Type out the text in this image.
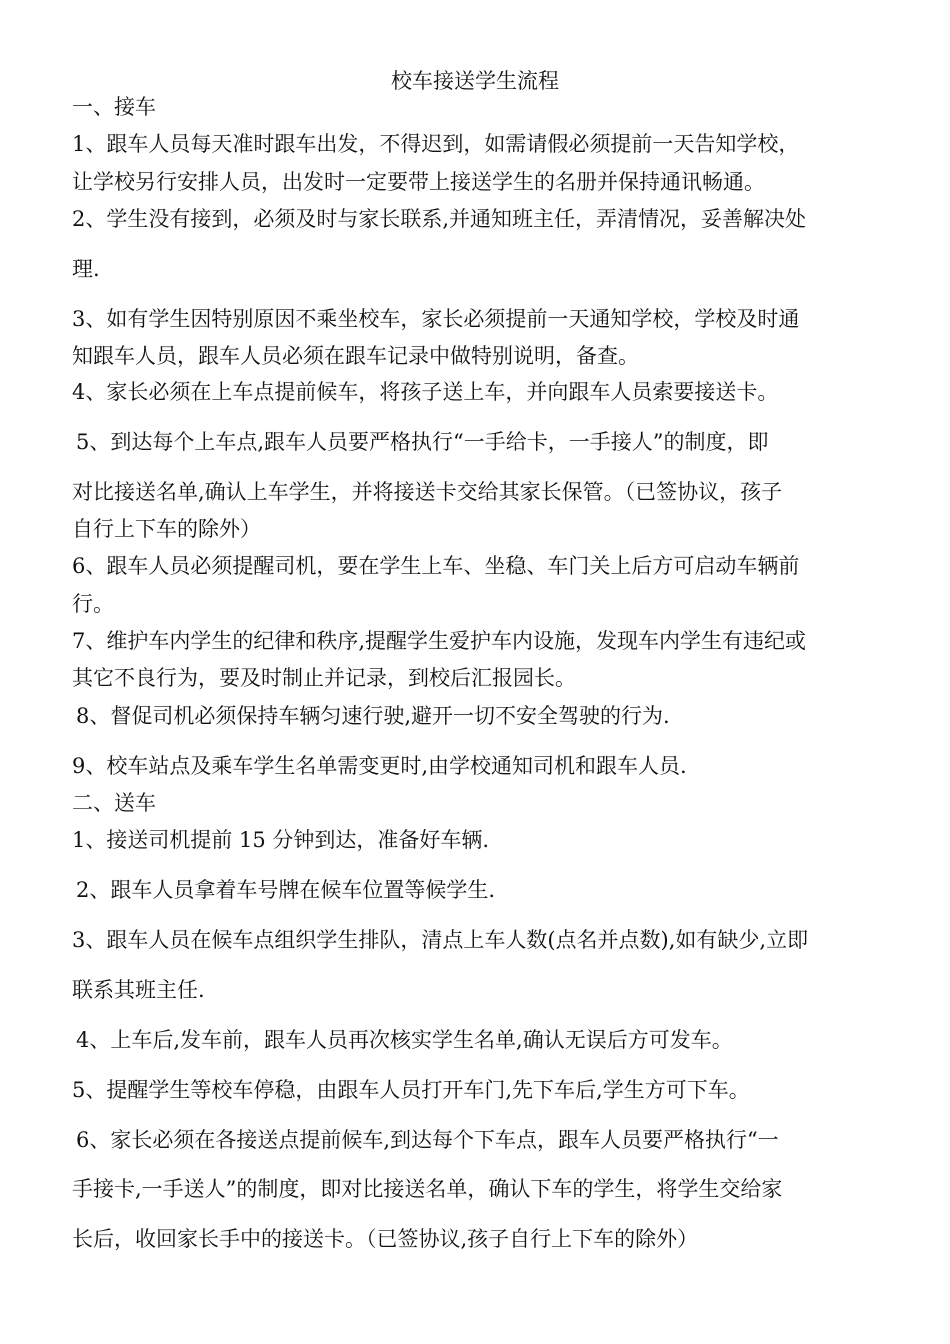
校车接送学生流程
一、接车
1、跟车人员每天准时跟车出发，不得迟到，如需请假必须提前一天告知学校，
让学校另行安排人员，出发时一定要带上接送学生的名册并保持通讯畅通。
2、学生没有接到，必须及时与家长联系,并通知班主任，弄清情况，妥善解决处
理.
3、如有学生因特别原因不乘坐校车，家长必须提前一天通知学校，学校及时通
知跟车人员，跟车人员必须在跟车记录中做特别说明，备查。
4、家长必须在上车点提前候车，将孩子送上车，并向跟车人员索要接送卡。
5、到达每个上车点,跟车人员要严格执行“一手给卡，一手接人”的制度，即
对比接送名单,确认上车学生，并将接送卡交给其家长保管。（已签协议，孩子
自行上下车的除外）
6、跟车人员必须提醒司机，要在学生上车、坐稳、车门关上后方可启动车辆前
行。
7、维护车内学生的纪律和秩序,提醒学生爱护车内设施，发现车内学生有违纪或
其它不良行为，要及时制止并记录，到校后汇报园长。
8、督促司机必须保持车辆匀速行驶,避开一切不安全驾驶的行为.
9、校车站点及乘车学生名单需变更时,由学校通知司机和跟车人员.
二、送车
1、接送司机提前 15 分钟到达，准备好车辆.
2、跟车人员拿着车号牌在候车位置等候学生.
3、跟车人员在候车点组织学生排队，清点上车人数(点名并点数),如有缺少,立即
联系其班主任.
4、上车后,发车前，跟车人员再次核实学生名单,确认无误后方可发车。
5、提醒学生等校车停稳，由跟车人员打开车门,先下车后,学生方可下车。
6、家长必须在各接送点提前候车,到达每个下车点，跟车人员要严格执行“一
手接卡,一手送人”的制度，即对比接送名单，确认下车的学生，将学生交给家
长后，收回家长手中的接送卡。（已签协议,孩子自行上下车的除外）
